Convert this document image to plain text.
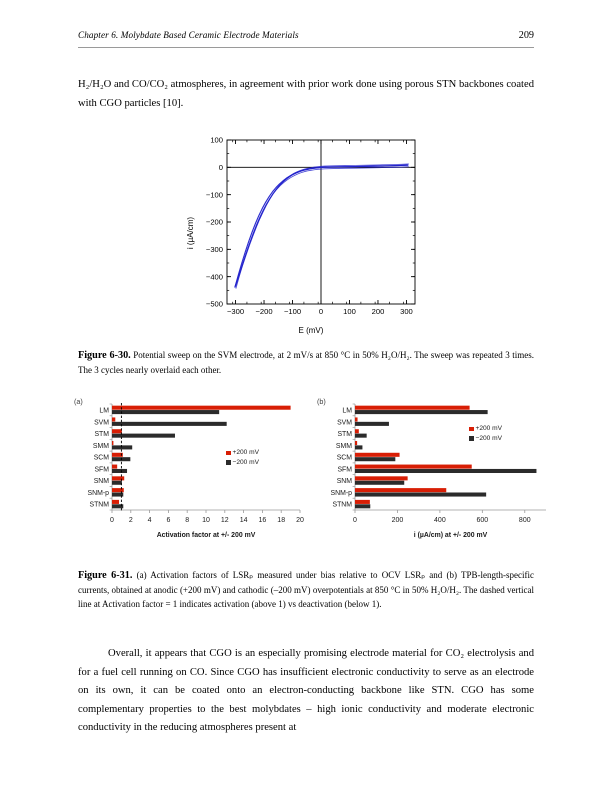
Chapter 6. Molybdate Based Ceramic Electrode Materials	209
H₂/H₂O and CO/CO₂ atmospheres, in agreement with prior work done using porous STN backbones coated with CGO particles [10].
−300 −200 −100 0	100 200 300
−500
−400
−300
−200
−100
0
100
E (mV)
i (µA/cm)
Figure 6-30. Potential sweep on the SVM electrode, at 2 mV/s at 850 °C in 50% H₂O/H₂. The sweep was repeated 3 times. The 3 cycles nearly overlaid each other.
LM
SVM
STM
SMM
SCM
SFM
SNM
SNM-p
STNM
0 2 4 6 8 10 12 14 16 18 20
Activation factor at +/- 200 mV
(a)
+200 mV
−200 mV
LM
SVM
STM
SMM
SCM
SFM
SNM
SNM-p
STNM
0	200	400	600	800
i (µA/cm) at +/- 200 mV
(b)
+200 mV
−200 mV
Figure 6-31. (a) Activation factors of LSRₚ measured under bias relative to OCV LSRₚ and (b) TPB-length-specific currents, obtained at anodic (+200 mV) and cathodic (–200 mV) overpotentials at 850 °C in 50% H₂O/H₂. The dashed vertical line at Activation factor = 1 indicates activation (above 1) vs deactivation (below 1).
Overall, it appears that CGO is an especially promising electrode material for CO₂ electrolysis and for a fuel cell running on CO. Since CGO has insufficient electronic conductivity to serve as an electrode on its own, it can be coated onto an electron-conducting backbone like STN. CGO has some complementary properties to the best molybdates – high ionic conductivity and moderate electronic conductivity in the reducing atmospheres present at
